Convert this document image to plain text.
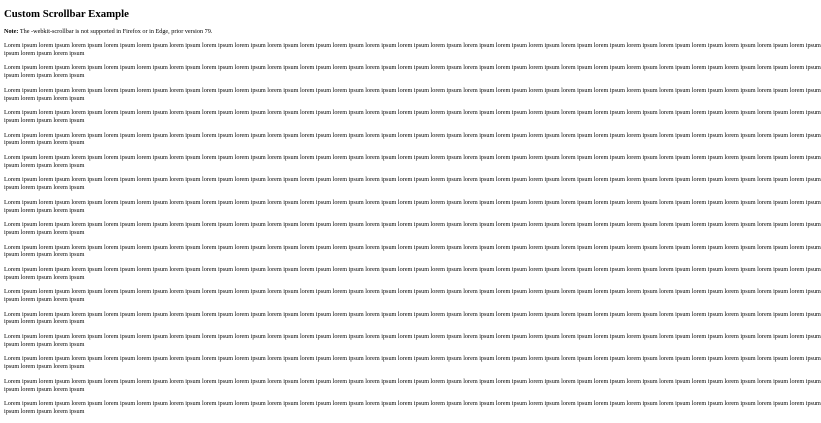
Custom Scrollbar Example

Note: The -webkit-scrollbar is not supported in Firefox or in Edge, prior version 79.

Lorem ipsum lorem ipsum lorem ipsum lorem ipsum lorem ipsum lorem ipsum lorem ipsum lorem ipsum lorem ipsum lorem ipsum lorem ipsum lorem ipsum lorem ipsum lorem ipsum lorem ipsum lorem ipsum lorem ipsum lorem ipsum lorem ipsum lorem ipsum lorem ipsum lorem ipsum lorem ipsum lorem ipsum lorem ipsum
ipsum lorem ipsum lorem ipsum

Lorem ipsum lorem ipsum lorem ipsum lorem ipsum lorem ipsum lorem ipsum lorem ipsum lorem ipsum lorem ipsum lorem ipsum lorem ipsum lorem ipsum lorem ipsum lorem ipsum lorem ipsum lorem ipsum lorem ipsum lorem ipsum lorem ipsum lorem ipsum lorem ipsum lorem ipsum lorem ipsum lorem ipsum lorem ipsum
ipsum lorem ipsum lorem ipsum

Lorem ipsum lorem ipsum lorem ipsum lorem ipsum lorem ipsum lorem ipsum lorem ipsum lorem ipsum lorem ipsum lorem ipsum lorem ipsum lorem ipsum lorem ipsum lorem ipsum lorem ipsum lorem ipsum lorem ipsum lorem ipsum lorem ipsum lorem ipsum lorem ipsum lorem ipsum lorem ipsum lorem ipsum lorem ipsum
ipsum lorem ipsum lorem ipsum

Lorem ipsum lorem ipsum lorem ipsum lorem ipsum lorem ipsum lorem ipsum lorem ipsum lorem ipsum lorem ipsum lorem ipsum lorem ipsum lorem ipsum lorem ipsum lorem ipsum lorem ipsum lorem ipsum lorem ipsum lorem ipsum lorem ipsum lorem ipsum lorem ipsum lorem ipsum lorem ipsum lorem ipsum lorem ipsum
ipsum lorem ipsum lorem ipsum

Lorem ipsum lorem ipsum lorem ipsum lorem ipsum lorem ipsum lorem ipsum lorem ipsum lorem ipsum lorem ipsum lorem ipsum lorem ipsum lorem ipsum lorem ipsum lorem ipsum lorem ipsum lorem ipsum lorem ipsum lorem ipsum lorem ipsum lorem ipsum lorem ipsum lorem ipsum lorem ipsum lorem ipsum lorem ipsum
ipsum lorem ipsum lorem ipsum

Lorem ipsum lorem ipsum lorem ipsum lorem ipsum lorem ipsum lorem ipsum lorem ipsum lorem ipsum lorem ipsum lorem ipsum lorem ipsum lorem ipsum lorem ipsum lorem ipsum lorem ipsum lorem ipsum lorem ipsum lorem ipsum lorem ipsum lorem ipsum lorem ipsum lorem ipsum lorem ipsum lorem ipsum lorem ipsum
ipsum lorem ipsum lorem ipsum

Lorem ipsum lorem ipsum lorem ipsum lorem ipsum lorem ipsum lorem ipsum lorem ipsum lorem ipsum lorem ipsum lorem ipsum lorem ipsum lorem ipsum lorem ipsum lorem ipsum lorem ipsum lorem ipsum lorem ipsum lorem ipsum lorem ipsum lorem ipsum lorem ipsum lorem ipsum lorem ipsum lorem ipsum lorem ipsum
ipsum lorem ipsum lorem ipsum

Lorem ipsum lorem ipsum lorem ipsum lorem ipsum lorem ipsum lorem ipsum lorem ipsum lorem ipsum lorem ipsum lorem ipsum lorem ipsum lorem ipsum lorem ipsum lorem ipsum lorem ipsum lorem ipsum lorem ipsum lorem ipsum lorem ipsum lorem ipsum lorem ipsum lorem ipsum lorem ipsum lorem ipsum lorem ipsum
ipsum lorem ipsum lorem ipsum

Lorem ipsum lorem ipsum lorem ipsum lorem ipsum lorem ipsum lorem ipsum lorem ipsum lorem ipsum lorem ipsum lorem ipsum lorem ipsum lorem ipsum lorem ipsum lorem ipsum lorem ipsum lorem ipsum lorem ipsum lorem ipsum lorem ipsum lorem ipsum lorem ipsum lorem ipsum lorem ipsum lorem ipsum lorem ipsum
ipsum lorem ipsum lorem ipsum

Lorem ipsum lorem ipsum lorem ipsum lorem ipsum lorem ipsum lorem ipsum lorem ipsum lorem ipsum lorem ipsum lorem ipsum lorem ipsum lorem ipsum lorem ipsum lorem ipsum lorem ipsum lorem ipsum lorem ipsum lorem ipsum lorem ipsum lorem ipsum lorem ipsum lorem ipsum lorem ipsum lorem ipsum lorem ipsum
ipsum lorem ipsum lorem ipsum

Lorem ipsum lorem ipsum lorem ipsum lorem ipsum lorem ipsum lorem ipsum lorem ipsum lorem ipsum lorem ipsum lorem ipsum lorem ipsum lorem ipsum lorem ipsum lorem ipsum lorem ipsum lorem ipsum lorem ipsum lorem ipsum lorem ipsum lorem ipsum lorem ipsum lorem ipsum lorem ipsum lorem ipsum lorem ipsum
ipsum lorem ipsum lorem ipsum

Lorem ipsum lorem ipsum lorem ipsum lorem ipsum lorem ipsum lorem ipsum lorem ipsum lorem ipsum lorem ipsum lorem ipsum lorem ipsum lorem ipsum lorem ipsum lorem ipsum lorem ipsum lorem ipsum lorem ipsum lorem ipsum lorem ipsum lorem ipsum lorem ipsum lorem ipsum lorem ipsum lorem ipsum lorem ipsum
ipsum lorem ipsum lorem ipsum

Lorem ipsum lorem ipsum lorem ipsum lorem ipsum lorem ipsum lorem ipsum lorem ipsum lorem ipsum lorem ipsum lorem ipsum lorem ipsum lorem ipsum lorem ipsum lorem ipsum lorem ipsum lorem ipsum lorem ipsum lorem ipsum lorem ipsum lorem ipsum lorem ipsum lorem ipsum lorem ipsum lorem ipsum lorem ipsum
ipsum lorem ipsum lorem ipsum

Lorem ipsum lorem ipsum lorem ipsum lorem ipsum lorem ipsum lorem ipsum lorem ipsum lorem ipsum lorem ipsum lorem ipsum lorem ipsum lorem ipsum lorem ipsum lorem ipsum lorem ipsum lorem ipsum lorem ipsum lorem ipsum lorem ipsum lorem ipsum lorem ipsum lorem ipsum lorem ipsum lorem ipsum lorem ipsum
ipsum lorem ipsum lorem ipsum

Lorem ipsum lorem ipsum lorem ipsum lorem ipsum lorem ipsum lorem ipsum lorem ipsum lorem ipsum lorem ipsum lorem ipsum lorem ipsum lorem ipsum lorem ipsum lorem ipsum lorem ipsum lorem ipsum lorem ipsum lorem ipsum lorem ipsum lorem ipsum lorem ipsum lorem ipsum lorem ipsum lorem ipsum lorem ipsum
ipsum lorem ipsum lorem ipsum

Lorem ipsum lorem ipsum lorem ipsum lorem ipsum lorem ipsum lorem ipsum lorem ipsum lorem ipsum lorem ipsum lorem ipsum lorem ipsum lorem ipsum lorem ipsum lorem ipsum lorem ipsum lorem ipsum lorem ipsum lorem ipsum lorem ipsum lorem ipsum lorem ipsum lorem ipsum lorem ipsum lorem ipsum lorem ipsum
ipsum lorem ipsum lorem ipsum

Lorem ipsum lorem ipsum lorem ipsum lorem ipsum lorem ipsum lorem ipsum lorem ipsum lorem ipsum lorem ipsum lorem ipsum lorem ipsum lorem ipsum lorem ipsum lorem ipsum lorem ipsum lorem ipsum lorem ipsum lorem ipsum lorem ipsum lorem ipsum lorem ipsum lorem ipsum lorem ipsum lorem ipsum lorem ipsum
ipsum lorem ipsum lorem ipsum
